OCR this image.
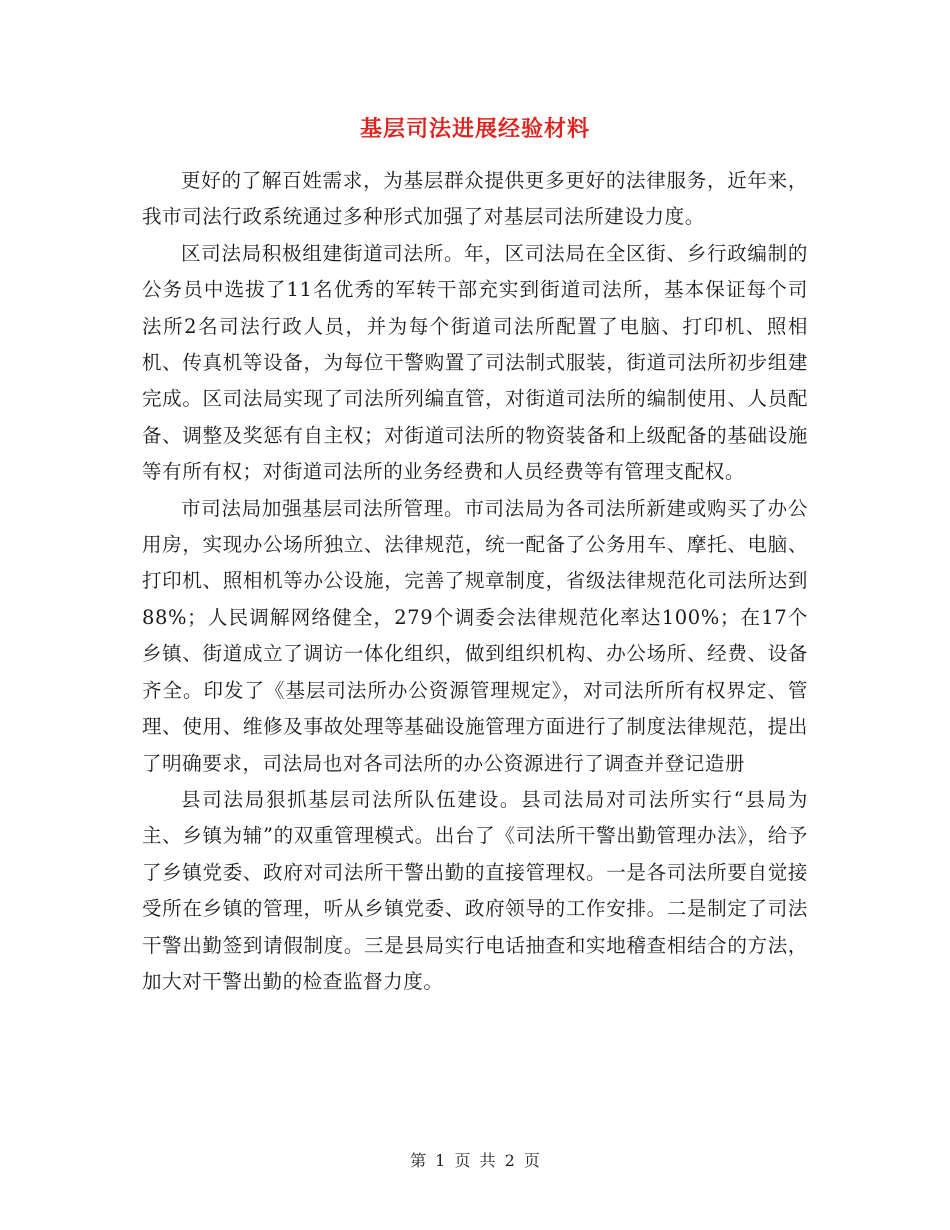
基层司法进展经验材料

更好的了解百姓需求，为基层群众提供更多更好的法律服务，近年来，我市司法行政系统通过多种形式加强了对基层司法所建设力度。

区司法局积极组建街道司法所。年，区司法局在全区街、乡行政编制的公务员中选拔了11名优秀的军转干部充实到街道司法所，基本保证每个司法所2名司法行政人员，并为每个街道司法所配置了电脑、打印机、照相机、传真机等设备，为每位干警购置了司法制式服装，街道司法所初步组建完成。区司法局实现了司法所列编直管，对街道司法所的编制使用、人员配备、调整及奖惩有自主权；对街道司法所的物资装备和上级配备的基础设施等有所有权；对街道司法所的业务经费和人员经费等有管理支配权。

市司法局加强基层司法所管理。市司法局为各司法所新建或购买了办公用房，实现办公场所独立、法律规范，统一配备了公务用车、摩托、电脑、打印机、照相机等办公设施，完善了规章制度，省级法律规范化司法所达到88%；人民调解网络健全，279个调委会法律规范化率达100%；在17个乡镇、街道成立了调访一体化组织，做到组织机构、办公场所、经费、设备齐全。印发了《基层司法所办公资源管理规定》，对司法所所有权界定、管理、使用、维修及事故处理等基础设施管理方面进行了制度法律规范，提出了明确要求，司法局也对各司法所的办公资源进行了调查并登记造册

县司法局狠抓基层司法所队伍建设。县司法局对司法所实行“县局为主、乡镇为辅”的双重管理模式。出台了《司法所干警出勤管理办法》，给予了乡镇党委、政府对司法所干警出勤的直接管理权。一是各司法所要自觉接受所在乡镇的管理，听从乡镇党委、政府领导的工作安排。二是制定了司法干警出勤签到请假制度。三是县局实行电话抽查和实地稽查相结合的方法，加大对干警出勤的检查监督力度。

第 1 页 共 2 页
